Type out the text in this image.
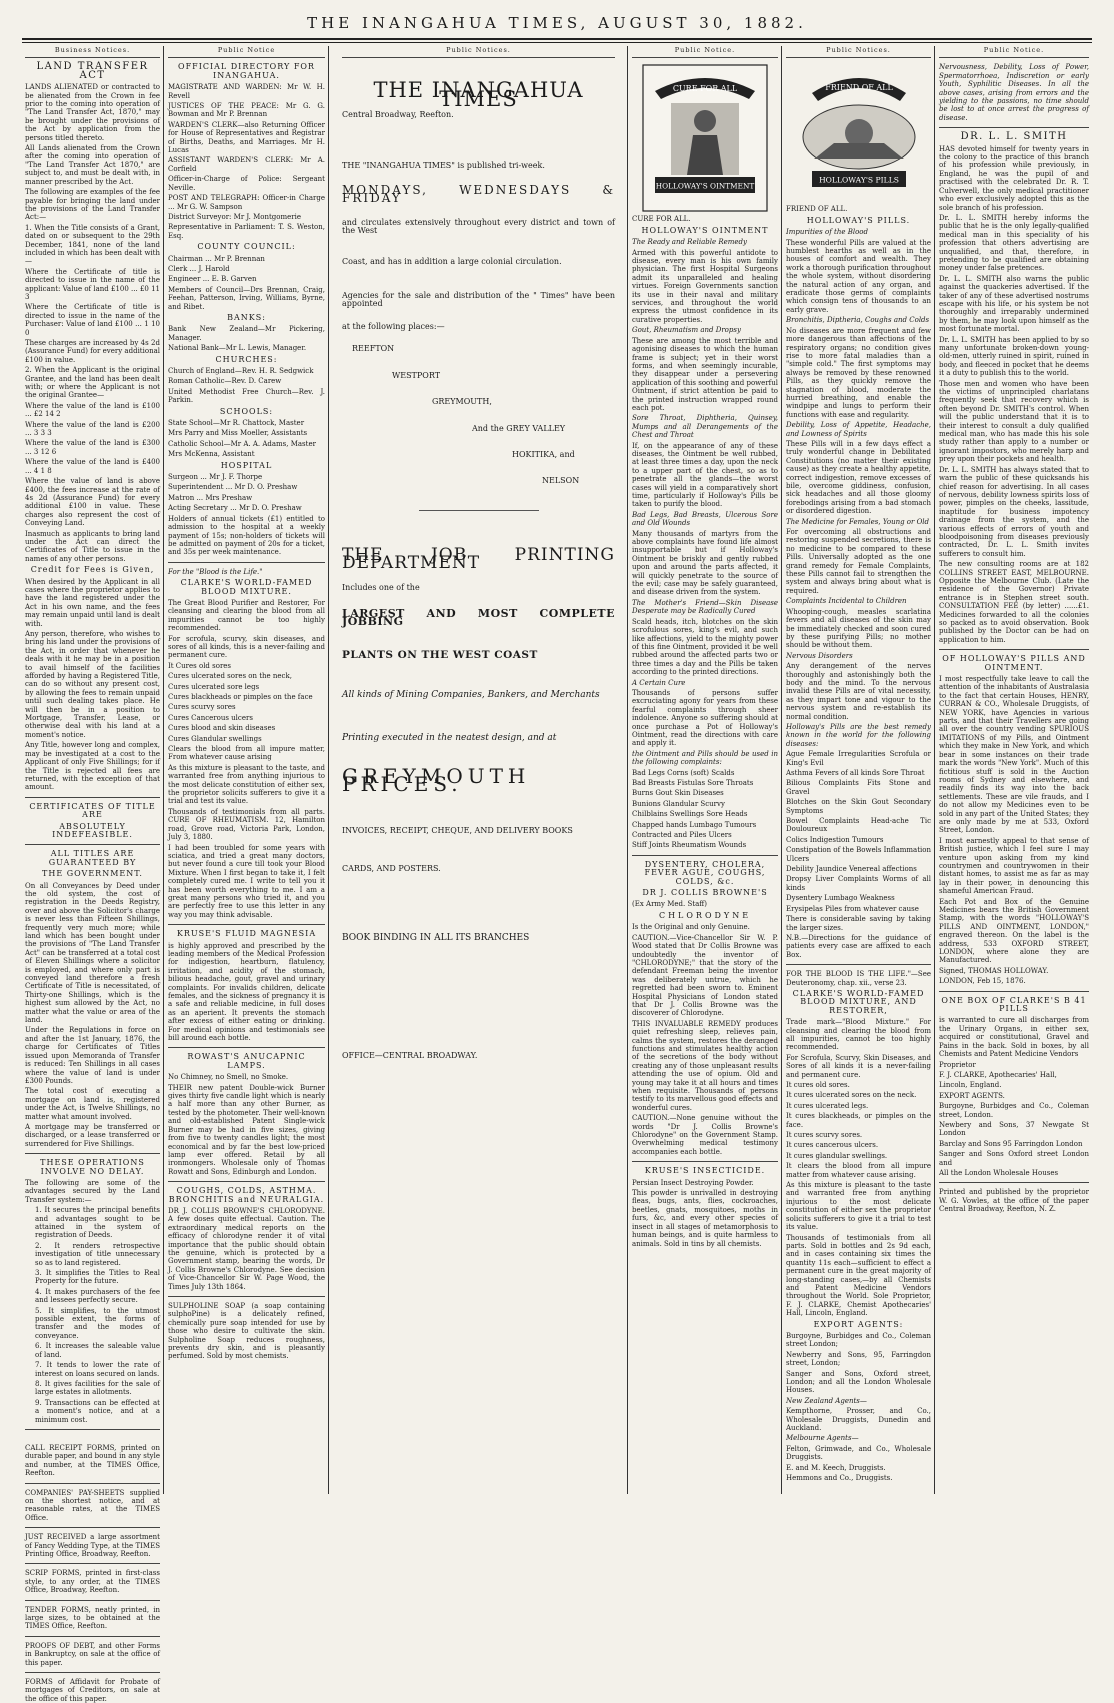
THE INANGAHUA TIMES, AUGUST 30, 1882.
Business Notices.
LAND TRANSFER ACT

LANDS ALIENATED or contracted to be alienated from the Crown in fee prior to the coming into operation of "The Land Transfer Act, 1870," may be brought under the provisions of the Act by application from the persons titled thereto.

All Lands alienated from the Crown after the coming into operation of "The Land Transfer Act 1870," are subject to, and must be dealt with, in manner prescribed by the Act.

The following are examples of the fee payable for bringing the land under the provisions of the Land Transfer Act:—

1. When the Title consists of a Grant, dated on or subsequent to the 29th December, 1841, none of the land included in which has been dealt with—

Where the Certificate of title is directed to issue in the name of the applicant: Value of land £100 ... £0 11 3

Where the Certificate of title is directed to issue in the name of the Purchaser: Value of land £100 ... 1 10 0

These charges are increased by 4s 2d (Assurance Fund) for every additional £100 in value.

2. When the Applicant is the original Grantee, and the land has been dealt with; or where the Applicant is not the original Grantee—

Where the value of the land is £100 ... £2 14 2

Where the value of the land is £200 ... 3 3 3

Where the value of the land is £300 ... 3 12 6

Where the value of the land is £400 ... 4 1 8

Where the value of land is above £400, the fees increase at the rate of 4s 2d (Assurance Fund) for every additional £100 in value. These charges also represent the cost of Conveying Land.

Inasmuch as applicants to bring land under the Act can direct the Certificates of Title to issue in the names of any other persons.

Credit for Fees is Given,

When desired by the Applicant in all cases where the proprietor applies to have the land registered under the Act in his own name, and the fees may remain unpaid until land is dealt with.

Any person, therefore, who wishes to bring his land under the provisions of the Act, in order that whenever he deals with it he may be in a position to avail himself of the facilities afforded by having a Registered Title, can do so without any present cost, by allowing the fees to remain unpaid until such dealing takes place. He will then be in a position to Mortgage, Transfer, Lease, or otherwise deal with his land at a moment's notice.

Any Title, however long and complex, may be investigated at a cost to the Applicant of only Five Shillings; for if the Title is rejected all fees are returned, with the exception of that amount.

CERTIFICATES OF TITLE ARE
ABSOLUTELY INDEFEASIBLE.
ALL TITLES ARE GUARANTEED BY
THE GOVERNMENT.

On all Conveyances by Deed under the old system, the cost of registration in the Deeds Registry, over and above the Solicitor's charge is never less than Fifteen Shillings, frequently very much more; while land which has been bought under the provisions of "The Land Transfer Act" can be transferred at a total cost of Eleven Shillings where a solicitor is employed, and where only part is conveyed land therefore a fresh Certificate of Title is necessitated, of Thirty-one Shillings, which is the highest sum allowed by the Act, no matter what the value or area of the land.

Under the Regulations in force on and after the 1st January, 1876, the charge for Certificates of Titles issued upon Memoranda of Transfer is reduced: Ten Shillings in all cases where the value of land is under £300 Pounds.

The total cost of executing a mortgage on land is, registered under the Act, is Twelve Shillings, no matter what amount involved.

A mortgage may be transferred or discharged, or a lease transferred or surrendered for Five Shillings.

THESE OPERATIONS INVOLVE NO DELAY.

The following are some of the advantages secured by the Land Transfer system:—

1. It secures the principal benefits and advantages sought to be attained in the system of registration of Deeds.

2. It renders retrospective investigation of title unnecessary so as to land registered.

3. It simplifies the Titles to Real Property for the future.

4. It makes purchasers of the fee and lessees perfectly secure.

5. It simplifies, to the utmost possible extent, the forms of transfer and the modes of conveyance.

6. It increases the saleable value of land.

7. It tends to lower the rate of interest on loans secured on lands.

8. It gives facilities for the sale of large estates in allotments.

9. Transactions can be effected at a moment's notice, and at a minimum cost.

CALL RECEIPT FORMS, printed on durable paper, and bound in any style and number, at the TIMES Office, Reefton.

COMPANIES' PAY-SHEETS supplied on the shortest notice, and at reasonable rates, at the TIMES Office.

JUST RECEIVED a large assortment of Fancy Wedding Type, at the TIMES Printing Office, Broadway, Reefton.

SCRIP FORMS, printed in first-class style, to any order, at the TIMES Office, Broadway, Reefton.

TENDER FORMS, neatly printed, in large sizes, to be obtained at the TIMES Office, Reefton.

PROOFS OF DEBT, and other Forms in Bankruptcy, on sale at the office of this paper.

FORMS of Affidavit for Probate of mortgages of Creditors, on sale at the office of this paper.

Public Notice
OFFICIAL DIRECTORY FOR INANGAHUA.

MAGISTRATE AND WARDEN: Mr W. H. Revell

JUSTICES OF THE PEACE: Mr G. G. Bowman and Mr P. Brennan

WARDEN'S CLERK—also Returning Officer for House of Representatives and Registrar of Births, Deaths, and Marriages. Mr H. Lucas

ASSISTANT WARDEN'S CLERK: Mr A. Corfield

Officer-in-Charge of Police: Sergeant Neville.

POST AND TELEGRAPH: Officer-in Charge ... Mr G. W. Sampson

District Surveyor: Mr J. Montgomerie

Representative in Parliament: T. S. Weston, Esq.

COUNTY COUNCIL:

Chairman ... Mr P. Brennan

Clerk ... J. Harold

Engineer ... E. B. Garven

Members of Council—Drs Brennan, Craig, Feehan, Patterson, Irving, Williams, Byrne, and Ribet.

BANKS:

Bank New Zealand—Mr Pickering, Manager.

National Bank—Mr L. Lewis, Manager.

CHURCHES:

Church of England—Rev. H. R. Sedgwick

Roman Catholic—Rev. D. Carew

United Methodist Free Church—Rev. J. Parkin.

SCHOOLS:

State School—Mr R. Chattock, Master

Mrs Parry and Miss Moeller, Assistants

Catholic School—Mr A. A. Adams, Master

Mrs McKenna, Assistant

HOSPITAL

Surgeon ... Mr J. F. Thorpe

Superintendent ... Mr D. O. Preshaw

Matron ... Mrs Preshaw

Acting Secretary ... Mr D. O. Preshaw

Holders of annual tickets (£1) entitled to admission to the hospital at a weekly payment of 15s; non-holders of tickets will be admitted on payment of 20s for a ticket, and 35s per week maintenance.

For the "Blood is the Life."

CLARKE'S WORLD-FAMED BLOOD MIXTURE.

The Great Blood Purifier and Restorer, For cleansing and clearing the blood from all impurities cannot be too highly recommended.

For scrofula, scurvy, skin diseases, and sores of all kinds, this is a never-failing and permanent cure.

It Cures old sores

Cures ulcerated sores on the neck,

Cures ulcerated sore legs

Cures blackheads or pimples on the face

Cures scurvy sores

Cures Cancerous ulcers

Cures blood and skin diseases

Cures Glandular swellings

Clears the blood from all impure matter, From whatever cause arising

As this mixture is pleasant to the taste, and warranted free from anything injurious to the most delicate constitution of either sex, the proprietor solicits sufferers to give it a trial and test its value.

Thousands of testimonials from all parts. CURE OF RHEUMATISM. 12, Hamilton road, Grove road, Victoria Park, London, July 3, 1880.

I had been troubled for some years with sciatica, and tried a great many doctors, but never found a cure till took your Blood Mixture. When I first began to take it, I felt completely cured me. I write to tell you it has been worth everything to me. I am a great many persons who tried it, and you are perfectly free to use this letter in any way you may think advisable.

KRUSE'S FLUID MAGNESIA

is highly approved and prescribed by the leading members of the Medical Profession for indigestion, heartburn, flatulency, irritation, and acidity of the stomach, bilious headache, gout, gravel and urinary complaints. For invalids children, delicate females, and the sickness of pregnancy it is a safe and reliable medicine, in full doses as an aperient. It prevents the stomach after excess of either eating or drinking. For medical opinions and testimonials see bill around each bottle.

ROWAST'S ANUCAPNIC LAMPS.

No Chimney, no Smell, no Smoke.

THEIR new patent Double-wick Burner gives thirty five candle light which is nearly a half more than any other Burner, as tested by the photometer. Their well-known and old-established Patent Single-wick Burner may be had in five sizes, giving from five to twenty candles light; the most economical and by far the best low-priced lamp ever offered. Retail by all ironmongers. Wholesale only of Thomas Rowatt and Sons, Edinburgh and London.

COUGHS, COLDS, ASTHMA. BRONCHITIS and NEURALGIA.

DR J. COLLIS BROWNE'S CHLORODYNE. A few doses quite effectual. Caution. The extraordinary medical reports on the efficacy of chlorodyne render it of vital importance that the public should obtain the genuine, which is protected by a Government stamp, bearing the words, Dr J. Collis Browne's Chlorodyne. See decision of Vice-Chancellor Sir W. Page Wood, the Times July 13th 1864.

SULPHOLINE SOAP (a soap containing sulphoPine) is a delicately refined, chemically pure soap intended for use by those who desire to cultivate the skin. Sulpholine Soap reduces roughness, prevents dry skin, and is pleasantly perfumed. Sold by most chemists.

Public Notices.
THE INANGAHUA TIMES

Central Broadway, Reefton.

THE "INANGAHUA TIMES" is published tri-week.

MONDAYS, WEDNESDAYS & FRIDAY

and circulates extensively throughout every district and town of the West

Coast, and has in addition a large colonial circulation.

Agencies for the sale and distribution of the " Times" have been appointed

at the following places:—

REEFTON

WESTPORT

GREYMOUTH,

And the GREY VALLEY

HOKITIKA, and

NELSON

THE JOB PRINTING DEPARTMENT

Includes one of the

LARGEST AND MOST COMPLETE JOBBING

PLANTS ON THE WEST COAST

All kinds of Mining Companies, Bankers, and Merchants

Printing executed in the neatest design, and at

GREYMOUTH PRICES.

INVOICES, RECEIPT, CHEQUE, AND DELIVERY BOOKS

CARDS, AND POSTERS.

BOOK BINDING IN ALL ITS BRANCHES

OFFICE—CENTRAL BROADWAY.

Public Notice.
CURE FOR ALL
HOLLOWAY'S OINTMENT

CURE FOR ALL.

HOLLOWAY'S OINTMENT

The Ready and Reliable Remedy

Armed with this powerful antidote to disease, every man is his own family physician. The first Hospital Surgeons admit its unparalleled and healing virtues. Foreign Governments sanction its use in their naval and military services, and throughout the world express the utmost confidence in its curative properties.

Gout, Rheumatism and Dropsy

These are among the most terrible and agonising diseases to which the human frame is subject; yet in their worst forms, and when seemingly incurable, they disappear under a persevering application of this soothing and powerful Ointment, if strict attention be paid to the printed instruction wrapped round each pot.

Sore Throat, Diphtheria, Quinsey, Mumps and all Derangements of the Chest and Throat

If, on the appearance of any of these diseases, the Ointment be well rubbed, at least three times a day, upon the neck to a upper part of the chest, so as to penetrate all the glands—the worst cases will yield in a comparatively short time, particularly if Holloway's Pills be taken to purify the blood.

Bad Legs, Bad Breasts, Ulcerous Sore and Old Wounds

Many thousands of martyrs from the above complaints have found life almost insupportable but if Holloway's Ointment be briskly and gently rubbed upon and around the parts affected, it will quickly penetrate to the source of the evil; case may be safely guaranteed, and disease driven from the system.

The Mother's Friend—Skin Disease Desperate may be Radically Cured

Scald heads, itch, blotches on the skin scrofulous sores, king's evil, and such like affections, yield to the mighty power of this fine Ointment, provided it be well rubbed around the affected parts two or three times a day and the Pills be taken according to the printed directions.

A Certain Cure

Thousands of persons suffer excruciating agony for years from these fearful complaints through sheer indolence. Anyone so suffering should at once purchase a Pot of Holloway's Ointment, read the directions with care and apply it.

the Ointment and Pills should be used in the following complaints:

Bad Legs Corns (soft) Scalds

Bad Breasts Fistulas Sore Throats

Burns Gout Skin Diseases

Bunions Glandular Scurvy

Chilblains Swellings Sore Heads

Chapped hands Lumbago Tumours

Contracted and Piles Ulcers

Stiff Joints Rheumatism Wounds

DYSENTERY, CHOLERA, FEVER AGUE, COUGHS, COLDS, &c.
DR J. COLLIS BROWNE'S

(Ex Army Med. Staff)

CHLORODYNE

Is the Original and only Genuine.

CAUTION.—Vice-Chancellor Sir W. P. Wood stated that Dr Collis Browne was undoubtedly the inventor of "CHLORODYNE;" that the story of the defendant Freeman being the inventor was deliberately untrue, which he regretted had been sworn to. Eminent Hospital Physicians of London stated that Dr J. Collis Browne was the discoverer of Chlorodyne.

THIS INVALUABLE REMEDY produces quiet refreshing sleep, relieves pain, calms the system, restores the deranged functions and stimulates healthy action of the secretions of the body without creating any of those unpleasant results attending the use of opium. Old and young may take it at all hours and times when requisite. Thousands of persons testify to its marvellous good effects and wonderful cures.

CAUTION.—None genuine without the words "Dr J. Collis Browne's Chlorodyne" on the Government Stamp. Overwhelming medical testimony accompanies each bottle.

KRUSE'S INSECTICIDE.

Persian Insect Destroying Powder.

This powder is unrivalled in destroying fleas, bugs, ants, flies, cockroaches, beetles, gnats, mosquitoes, moths in furs, &c, and every other species of insect in all stages of metamorphosis to human beings, and is quite harmless to animals. Sold in tins by all chemists.

Public Notices.
FRIEND OF ALL
HOLLOWAY'S PILLS

FRIEND OF ALL.

HOLLOWAY'S PILLS.

Impurities of the Blood

These wonderful Pills are valued at the humblest hearths as well as in the houses of comfort and wealth. They work a thorough purification throughout the whole system, without disordering the natural action of any organ, and eradicate those germs of complaints which consign tens of thousands to an early grave.

Bronchitis, Diptheria, Coughs and Colds

No diseases are more frequent and few more dangerous than affections of the respiratory organs; no condition gives rise to more fatal maladies than a "simple cold." The first symptoms may always be removed by these renowned Pills, as they quickly remove the stagnation of blood, moderate the hurried breathing, and enable the windpipe and lungs to perform their functions with ease and regularity.

Debility, Loss of Appetite, Headache, and Lowness of Spirits

These Pills will in a few days effect a truly wonderful change in Debilitated Constitutions (no matter their existing cause) as they create a healthy appetite, correct indigestion, remove excesses of bile, overcome giddiness, confusion, sick headaches and all those gloomy forebodings arising from a bad stomach or disordered digestion.

The Medicine for Females, Young or Old

For overcoming all obstructions and restoring suspended secretions, there is no medicine to be compared to these Pills. Universally adopted as the one grand remedy for Female Complaints, these Pills cannot fail to strengthen the system and always bring about what is required.

Complaints Incidental to Children

Whooping-cough, measles scarlatina fevers and all diseases of the skin may be immediately checked and soon cured by these purifying Pills; no mother should be without them.

Nervous Disorders

Any derangement of the nerves thoroughly and astonishingly both the body and the mind. To the nervous invalid these Pills are of vital necessity, as they impart tone and vigour to the nervous system and re-establish its normal condition.

Holloway's Pills are the best remedy known in the world for the following diseases:

Ague Female Irregularities Scrofula or King's Evil

Asthma Fevers of all kinds Sore Throat

Bilious Complaints Fits Stone and Gravel

Blotches on the Skin Gout Secondary Symptoms

Bowel Complaints Head-ache Tic Douloureux

Colics Indigestion Tumours

Constipation of the Bowels Inflammation Ulcers

Debility Jaundice Venereal affections

Dropsy Liver Complaints Worms of all kinds

Dysentery Lumbago Weakness

Erysipelas Piles from whatever cause

There is considerable saving by taking the larger sizes.

N.B.—Directions for the guidance of patients every case are affixed to each Box.

FOR THE BLOOD IS THE LIFE."—See Deuteronomy, chap. xii., verse 23.

CLARKE'S WORLD-FAMED BLOOD MIXTURE, AND RESTORER,

Trade mark—"Blood Mixture." For cleansing and clearing the blood from all impurities, cannot be too highly recommended.

For Scrofula, Scurvy, Skin Diseases, and Sores of all kinds it is a never-failing and permanent cure.

It cures old sores.

It cures ulcerated sores on the neck.

It cures ulcerated legs.

It cures blackheads, or pimples on the face.

It cures scurvy sores.

It cures cancerous ulcers.

It cures glandular swellings.

It clears the blood from all impure matter from whatever cause arising.

As this mixture is pleasant to the taste and warranted free from anything injurious to the most delicate constitution of either sex the proprietor solicits sufferers to give it a trial to test its value.

Thousands of testimonials from all parts. Sold in bottles and 2s 9d each, and in cases containing six times the quantity 11s each—sufficient to effect a permanent cure in the great majority of long-standing cases,—by all Chemists and Patent Medicine Vendors throughout the World. Sole Proprietor, F. J. CLARKE, Chemist Apothecaries' Hall, Lincoln, England.

EXPORT AGENTS:

Burgoyne, Burbidges and Co., Coleman street London;

Newberry and Sons, 95, Farringdon street, London;

Sanger and Sons, Oxford street, London; and all the London Wholesale Houses.

New Zealand Agents—

Kempthorne, Prosser, and Co., Wholesale Druggists, Dunedin and Auckland.

Melbourne Agents—

Felton, Grimwade, and Co., Wholesale Druggists.

E. and M. Keech, Druggists.

Hemmons and Co., Druggists.

Public Notice.

Nervousness, Debility, Loss of Power, Spermatorrhoea, Indiscretion or early Youth, Syphilitic Diseases. In all the above cases, arising from errors and the yielding to the passions, no time should be lost to at once arrest the progress of disease.

DR. L. L. SMITH

HAS devoted himself for twenty years in the colony to the practice of this branch of his profession while previously, in England, he was the pupil of and practised with the celebrated Dr. R. T. Culverwell, the only medical practitioner who ever exclusively adopted this as the sole branch of his profession.

Dr. L. L. SMITH hereby informs the public that he is the only legally-qualified medical man in this speciality of his profession that others advertising are unqualified, and that, therefore, in pretending to be qualified are obtaining money under false pretences.

Dr. L. L. SMITH also warns the public against the quackeries advertised. If the taker of any of these advertised nostrums escape with his life, or his system be not thoroughly and irreparably undermined by them, he may look upon himself as the most fortunate mortal.

Dr. L. L. SMITH has been applied to by so many unfortunate broken-down young-old-men, utterly ruined in spirit, ruined in body, and fleeced in pocket that he deems it a duty to publish this to the world.

Those men and women who have been the victims of unprincipled charlatans frequently seek that recovery which is often beyond Dr. SMITH's control. When will the public understand that it is to their interest to consult a duly qualified medical man, who has made this his sole study rather than apply to a number or ignorant impostors, who merely harp and prey upon their pockets and health.

Dr. L. L. SMITH has always stated that to warn the public of these quicksands his chief reason for advertising. In all cases of nervous, debility lowness spirits loss of power, pimples on the cheeks, lassitude, inaptitude for business impotency drainage from the system, and the various effects of errors of youth and bloodpoisoning from diseases previously contracted, Dr. L. L. Smith invites sufferers to consult him.

The new consulting rooms are at 182 COLLINS STREET EAST, MELBOURNE. Opposite the Melbourne Club. (Late the residence of the Governor) Private entrance is in Stephen street south. CONSULTATION FEE (by letter) ......£1. Medicines forwarded to all the colonies so packed as to avoid observation. Book published by the Doctor can be had on application to him.

OF HOLLOWAY'S PILLS AND OINTMENT.

I most respectfully take leave to call the attention of the inhabitants of Australasia to the fact that certain Houses, HENRY, CURRAN & CO., Wholesale Druggists, of NEW YORK, have Agencies in various parts, and that their Travellers are going all over the country vending SPURIOUS IMITATIONS of my Pills, and Ointment which they make in New York, and which bear in some instances on their trade mark the words "New York". Much of this fictitious stuff is sold in the Auction rooms of Sydney and elsewhere, and readily finds its way into the back settlements. These are vile frauds, and I do not allow my Medicines even to be sold in any part of the United States; they are only made by me at 533, Oxford Street, London.

I most earnestly appeal to that sense of British justice, which I feel sure I may venture upon asking from my kind countrymen and countrywomen in their distant homes, to assist me as far as may lay in their power, in denouncing this shameful American Fraud.

Each Pot and Box of the Genuine Medicines bears the British Government Stamp, with the words "HOLLOWAY'S PILLS AND OINTMENT, LONDON," engraved thereon. On the label is the address, 533 OXFORD STREET, LONDON, where alone they are Manufactured.

Signed, THOMAS HOLLOWAY.

LONDON, Feb 15, 1876.

ONE BOX OF CLARKE'S B 41 PILLS

is warranted to cure all discharges from the Urinary Organs, in either sex, acquired or constitutional, Gravel and Pains in the back. Sold in boxes, by all Chemists and Patent Medicine Vendors

Proprietor

F. J. CLARKE, Apothecaries' Hall,

Lincoln, England.

EXPORT AGENTS.

Burgoyne, Burbidges and Co., Coleman street, London.

Newbery and Sons, 37 Newgate St London

Barclay and Sons 95 Farringdon London

Sanger and Sons Oxford street London and

All the London Wholesale Houses

Printed and published by the proprietor W. G. Vowles, at the office of the paper Central Broadway, Reefton, N. Z.
